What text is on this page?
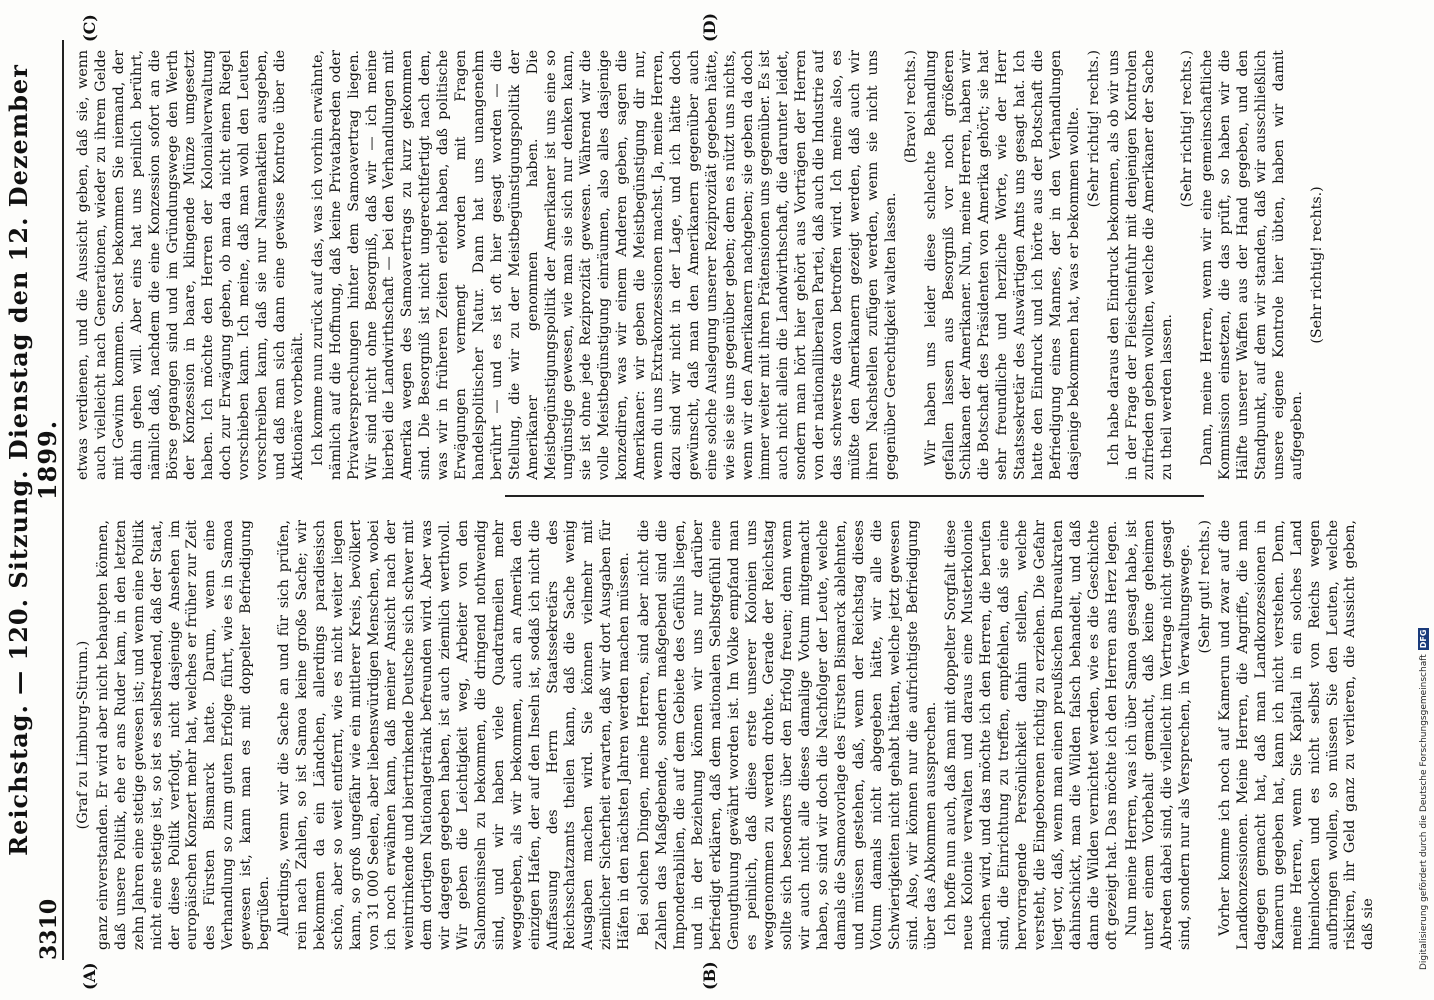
3310
Reichstag. — 120. Sitzung. Dienstag den 12. Dezember 1899.
(A)	(B)
(C)	(D)

(Graf zu Limburg-Stirum.) ganz einverstanden. Er wird aber nicht behaupten können, daß unsere Politik, ehe er ans Ruder kam, in den letzten zehn Jahren eine stetige gewesen ist; und wenn eine Politik nicht eine stetige ist, so ist es selbstredend, daß der Staat, der diese Politik verfolgt, nicht dasjenige Ansehen im europäischen Konzert mehr hat, welches er früher zur Zeit des Fürsten Bismarck hatte. Darum, wenn eine Verhandlung so zum guten Erfolge führt, wie es in Samoa gewesen ist, kann man es mit doppelter Befriedigung begrüßen. Allerdings, wenn wir die Sache an und für sich prüfen, rein nach Zahlen, so ist Samoa keine große Sache; wir bekommen da ein Ländchen, allerdings paradiesisch schön, aber so weit entfernt, wie es nicht weiter liegen kann, so groß ungefähr wie ein mittlerer Kreis, bevölkert von 31 000 Seelen, aber liebenswürdigen Menschen, wobei ich noch erwähnen kann, daß meiner Ansicht nach der weintrinkende und biertrinkende Deutsche sich schwer mit dem dortigen Nationalgetränk befreunden wird. Aber was wir dagegen gegeben haben, ist auch ziemlich werthvoll. Wir geben die Leichtigkeit weg, Arbeiter von den Salomonsinseln zu bekommen, die dringend nothwendig sind, und wir haben viele Quadratmeilen mehr weggegeben, als wir bekommen, auch an Amerika den einzigen Hafen, der auf den Inseln ist, sodaß ich nicht die Auffassung des Herrn Staatssekretärs des Reichsschatzamts theilen kann, daß die Sache wenig Ausgaben machen wird. Sie können vielmehr mit ziemlicher Sicherheit erwarten, daß wir dort Ausgaben für Häfen in den nächsten Jahren werden machen müssen. Bei solchen Dingen, meine Herren, sind aber nicht die Zahlen das Maßgebende, sondern maßgebend sind die Imponderabilien, die auf dem Gebiete des Gefühls liegen, und in der Beziehung können wir uns nur darüber befriedigt erklären, daß dem nationalen Selbstgefühl eine Genugthuung gewährt worden ist. Im Volke empfand man es peinlich, daß diese erste unserer Kolonien uns weggenommen zu werden drohte. Gerade der Reichstag sollte sich besonders über den Erfolg freuen; denn wenn wir auch nicht alle dieses damalige Votum mitgemacht haben, so sind wir doch die Nachfolger der Leute, welche damals die Samoavorlage des Fürsten Bismarck ablehnten, und müssen gestehen, daß, wenn der Reichstag dieses Votum damals nicht abgegeben hätte, wir alle die Schwierigkeiten nicht gehabt hätten, welche jetzt gewesen sind. Also, wir können nur die aufrichtigste Befriedigung über das Abkommen aussprechen. Ich hoffe nun auch, daß man mit doppelter Sorgfalt diese neue Kolonie verwalten und daraus eine Musterkolonie machen wird, und das möchte ich den Herren, die berufen sind, die Einrichtung zu treffen, empfehlen, daß sie eine hervorragende Persönlichkeit dahin stellen, welche versteht, die Eingeborenen richtig zu erziehen. Die Gefahr liegt vor, daß, wenn man einen preußischen Bureaukraten dahinschickt, man die Wilden falsch behandelt, und daß dann die Wilden vernichtet werden, wie es die Geschichte oft gezeigt hat. Das möchte ich den Herren ans Herz legen. Nun meine Herren, was ich über Samoa gesagt habe, ist unter einem Vorbehalt gemacht, daß keine geheimen Abreden dabei sind, die vielleicht im Vertrage nicht gesagt sind, sondern nur als Versprechen, in Verwaltungswege. (Sehr gut! rechts.) Vorher komme ich noch auf Kamerun und zwar auf die Landkonzessionen. Meine Herren, die Angriffe, die man dagegen gemacht hat, daß man Landkonzessionen in Kamerun gegeben hat, kann ich nicht verstehen. Denn, meine Herren, wenn Sie Kapital in ein solches Land hineinlocken und es nicht selbst von Reichs wegen aufbringen wollen, so müssen Sie den Leuten, welche riskiren, ihr Geld ganz zu verlieren, die Aussicht geben, daß sie

etwas verdienen, und die Aussicht geben, daß sie, wenn auch vielleicht nach Generationen, wieder zu ihrem Gelde mit Gewinn kommen. Sonst bekommen Sie niemand, der dahin gehen will. Aber eins hat uns peinlich berührt, nämlich daß, nachdem die eine Konzession sofort an die Börse gegangen sind und im Gründungswege den Werth der Konzession in baare, klingende Münze umgesetzt haben. Ich möchte den Herren der Kolonialverwaltung doch zur Erwägung geben, ob man da nicht einen Riegel vorschieben kann. Ich meine, daß man wohl den Leuten vorschreiben kann, daß sie nur Namenaktien ausgeben, und daß man sich dann eine gewisse Kontrole über die Aktionäre vorbehält. Ich komme nun zurück auf das, was ich vorhin erwähnte, nämlich auf die Hoffnung, daß keine Privatabreden oder Privatversprechungen hinter dem Samoavertrag liegen. Wir sind nicht ohne Besorgniß, daß wir — ich meine hierbei die Landwirthschaft — bei den Verhandlungen mit Amerika wegen des Samoavertrags zu kurz gekommen sind. Die Besorgniß ist nicht ungerechtfertigt nach dem, was wir in früheren Zeiten erlebt haben, daß politische Erwägungen vermengt worden mit Fragen handelspolitischer Natur. Dann hat uns unangenehm berührt — und es ist oft hier gesagt worden — die Stellung, die wir zu der Meistbegünstigungspolitik der Amerikaner genommen haben. Die Meistbegünstigungspolitik der Amerikaner ist uns eine so ungünstige gewesen, wie man sie sich nur denken kann, sie ist ohne jede Reziprozität gewesen. Während wir die volle Meistbegünstigung einräumen, also alles dasjenige konzediren, was wir einem Anderen geben, sagen die Amerikaner: wir geben die Meistbegünstigung dir nur, wenn du uns Extrakonzessionen machst. Ja, meine Herren, dazu sind wir nicht in der Lage, und ich hätte doch gewünscht, daß man den Amerikanern gegenüber auch eine solche Auslegung unserer Reziprozität gegeben hätte, wie sie sie uns gegenüber geben; denn es nützt uns nichts, wenn wir den Amerikanern nachgeben; sie geben da doch immer weiter mit ihren Prätensionen uns gegenüber. Es ist auch nicht allein die Landwirthschaft, die darunter leidet, sondern man hört hier gehört aus Vorträgen der Herren von der nationalliberalen Partei, daß auch die Industrie auf das schwerste davon betroffen wird. Ich meine also, es müßte den Amerikanern gezeigt werden, daß auch wir ihren Nachstellen zufügen werden, wenn sie nicht uns gegenüber Gerechtigkeit walten lassen.

(Bravo! rechts.) Wir haben uns leider diese schlechte Behandlung gefallen lassen aus Besorgniß vor noch größeren Schikanen der Amerikaner. Nun, meine Herren, haben wir die Botschaft des Präsidenten von Amerika gehört; sie hat sehr freundliche und herzliche Worte, wie der Herr Staatssekretär des Auswärtigen Amts uns gesagt hat. Ich hatte den Eindruck und ich hörte aus der Botschaft die Befriedigung eines Mannes, der in den Verhandlungen dasjenige bekommen hat, was er bekommen wollte. (Sehr richtig! rechts.) Ich habe daraus den Eindruck bekommen, als ob wir uns in der Frage der Fleischeinfuhr mit denjenigen Kontrolen zufrieden geben wollten, welche die Amerikaner der Sache zu theil werden lassen.

(Sehr richtig! rechts.) Dann, meine Herren, wenn wir eine gemeinschaftliche Kommission einsetzen, die das prüft, so haben wir die Hälfte unserer Waffen aus der Hand gegeben, und den Standpunkt, auf dem wir standen, daß wir ausschließlich unsere eigene Kontrole hier übten, haben wir damit aufgegeben.

(Sehr richtig! rechts.)

Digitalisierung gefördert durch die Deutsche Forschungsgemeinschaft
DFG
